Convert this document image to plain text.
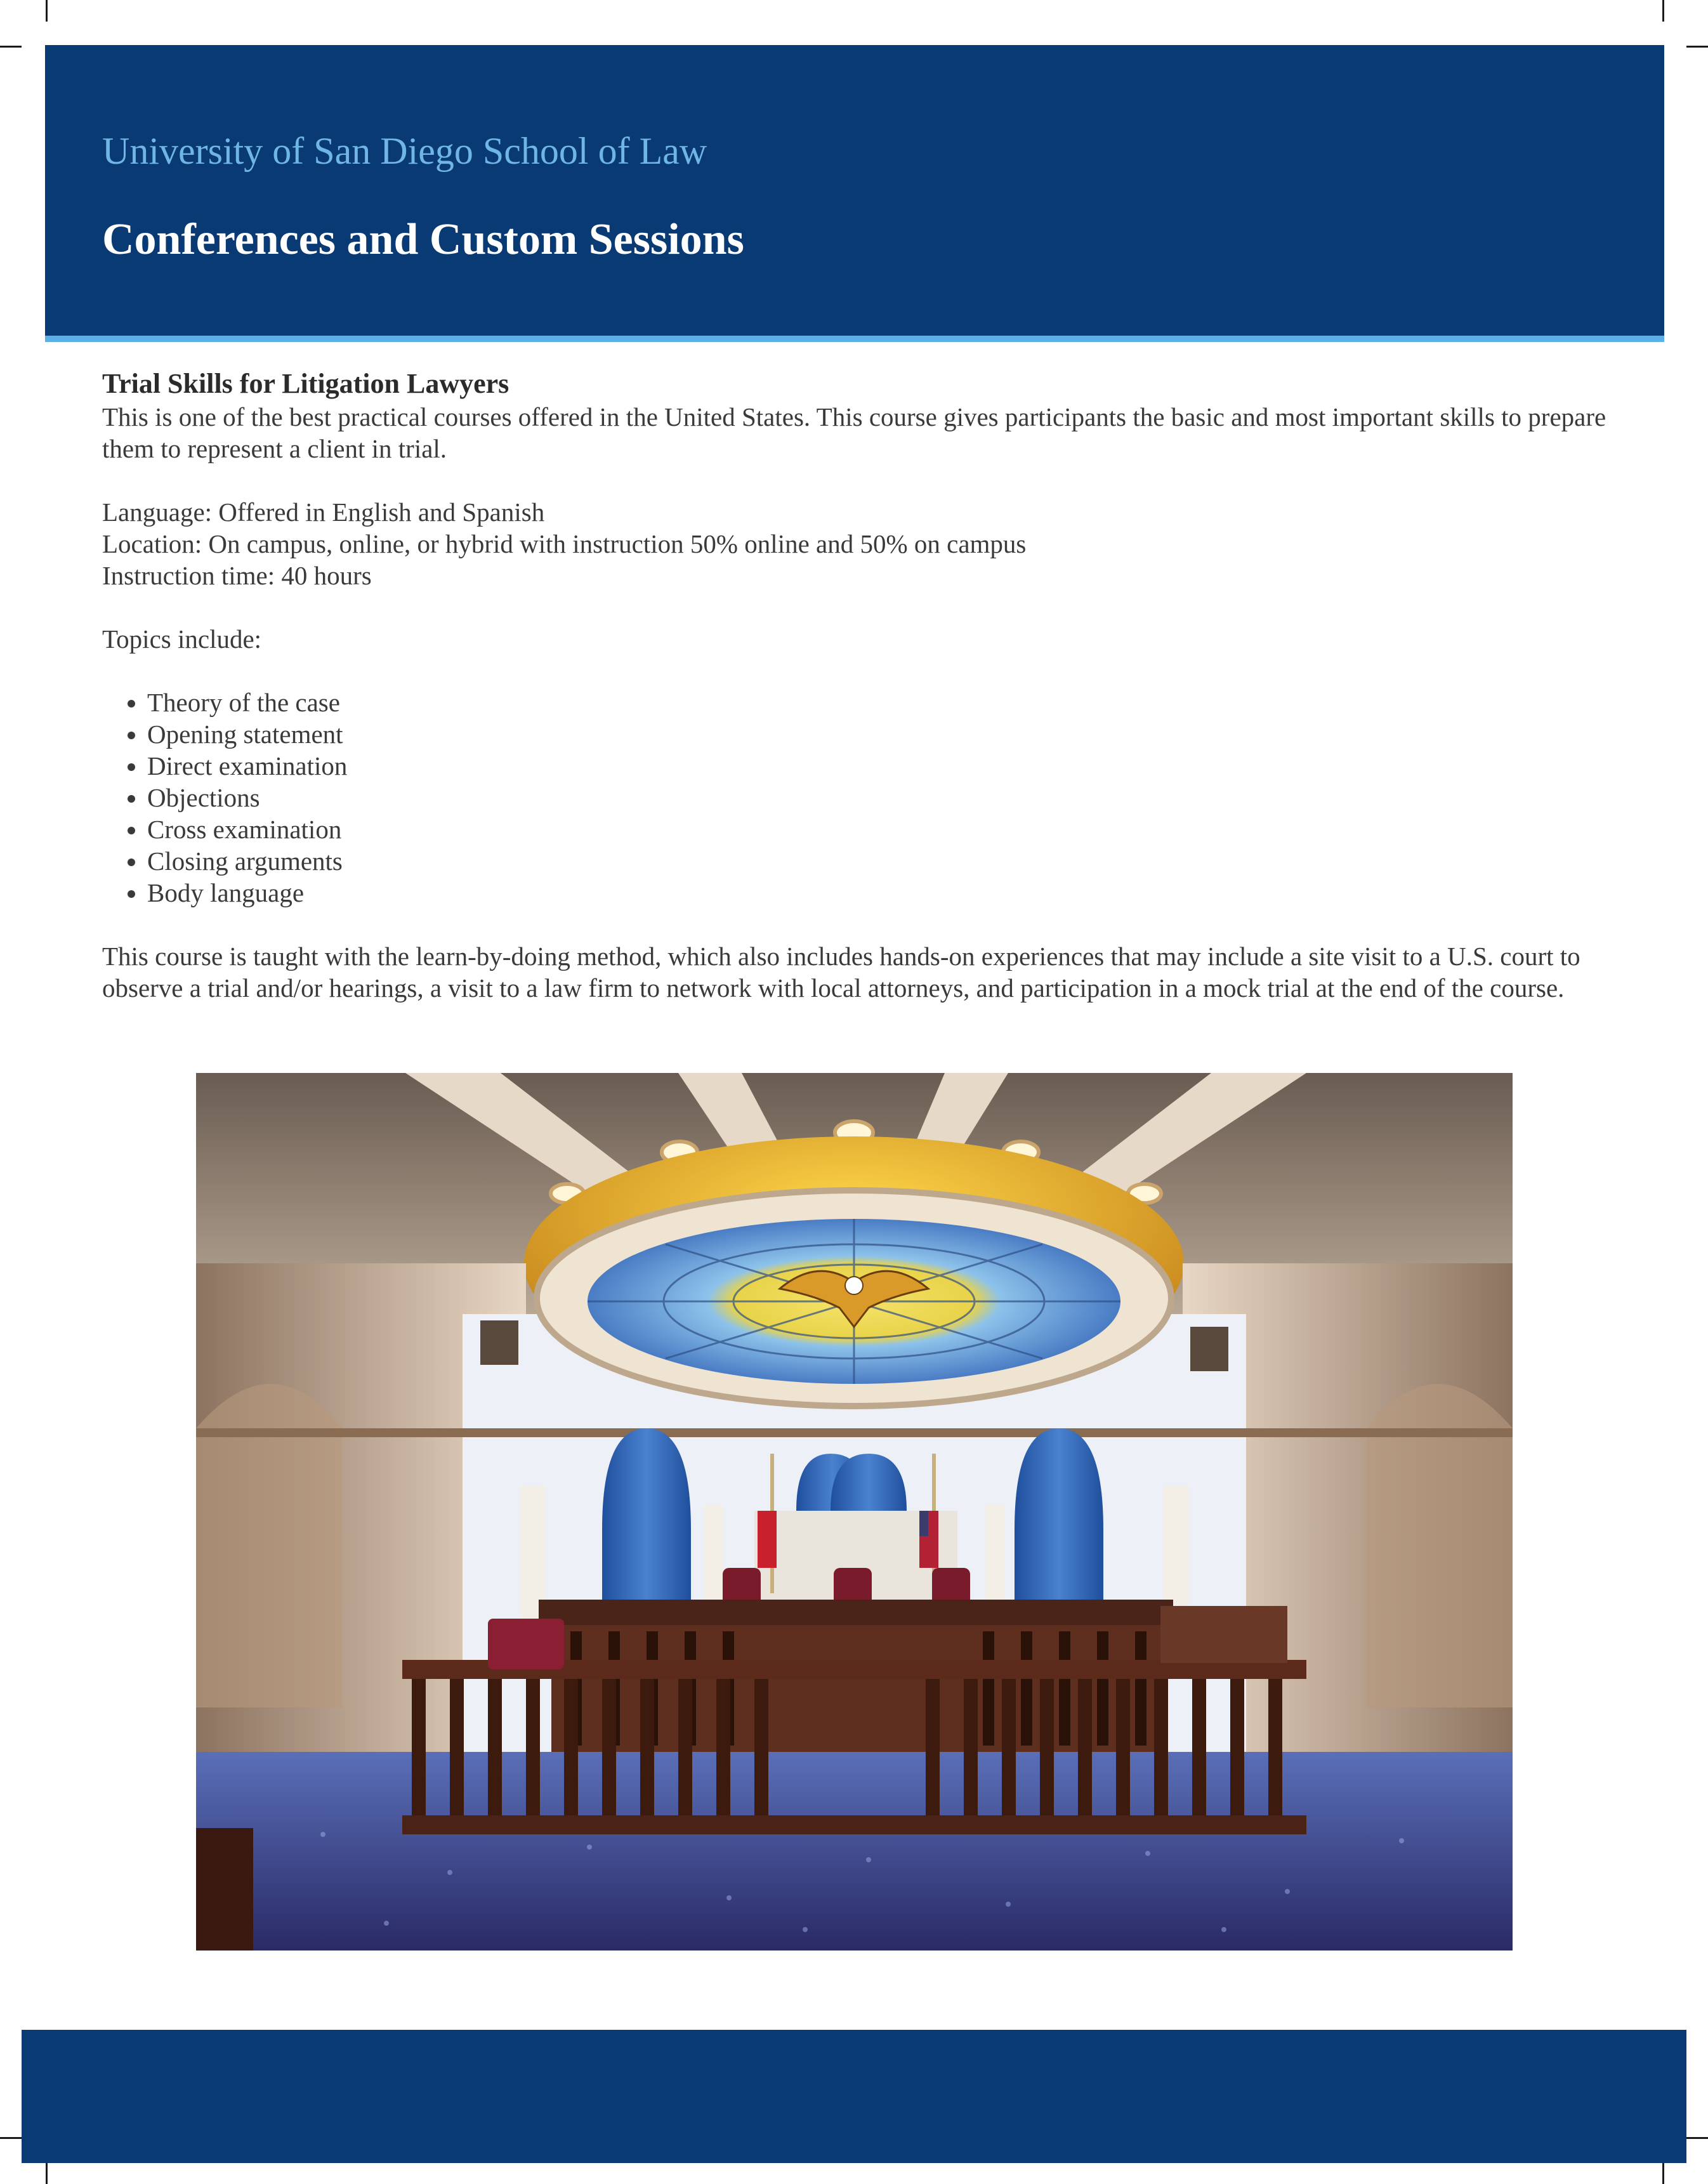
University of San Diego School of Law
Conferences and Custom Sessions
Trial Skills for Litigation Lawyers

This is one of the best practical courses offered in the United States. This course gives participants the basic and most important skills to prepare them to represent a client in trial.

Language: Offered in English and Spanish

Location: On campus, online, or hybrid with instruction 50% online and 50% on campus

Instruction time: 40 hours

Topics include:

• Theory of the case
• Opening statement
• Direct examination
• Objections
• Cross examination
• Closing arguments
• Body language

This course is taught with the learn-by-doing method, which also includes hands-on experiences that may include a site visit to a U.S. court to observe a trial and/or hearings, a visit to a law firm to network with local attorneys, and participation in a mock trial at the end of the course.
